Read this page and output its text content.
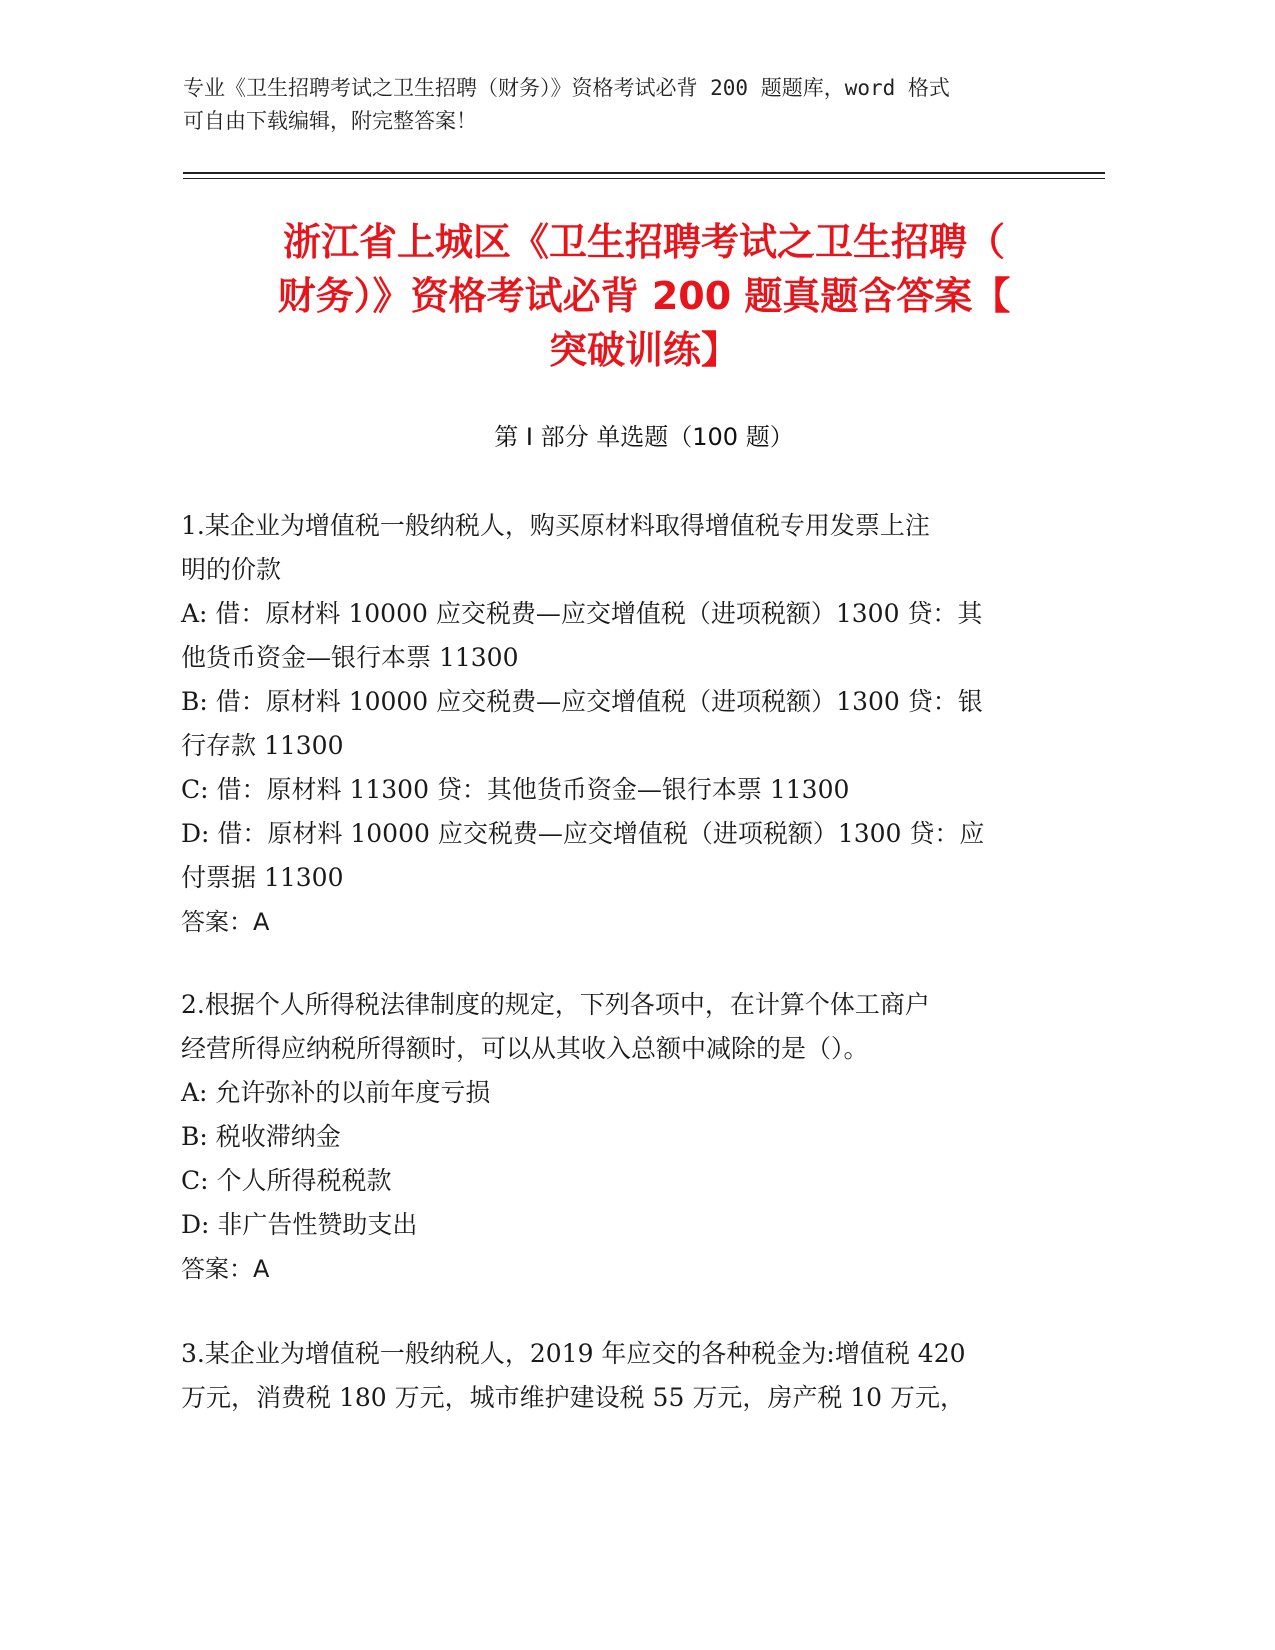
专业《卫生招聘考试之卫生招聘（财务）》资格考试必背 200 题题库，word 格式
可自由下载编辑，附完整答案！
浙江省上城区《卫生招聘考试之卫生招聘（
财务）》资格考试必背 200 题真题含答案【
突破训练】
第 I 部分 单选题（100 题）
1.某企业为增值税一般纳税人，购买原材料取得增值税专用发票上注
明的价款
A: 借：原材料 10000 应交税费—应交增值税（进项税额）1300 贷：其
他货币资金—银行本票 11300
B: 借：原材料 10000 应交税费—应交增值税（进项税额）1300 贷：银
行存款 11300
C: 借：原材料 11300 贷：其他货币资金—银行本票 11300
D: 借：原材料 10000 应交税费—应交增值税（进项税额）1300 贷：应
付票据 11300
答案：A
2.根据个人所得税法律制度的规定，下列各项中，在计算个体工商户
经营所得应纳税所得额时，可以从其收入总额中减除的是（）。
A: 允许弥补的以前年度亏损
B: 税收滞纳金
C: 个人所得税税款
D: 非广告性赞助支出
答案：A
3.某企业为增值税一般纳税人，2019 年应交的各种税金为:增值税 420
万元，消费税 180 万元，城市维护建设税 55 万元，房产税 10 万元，
